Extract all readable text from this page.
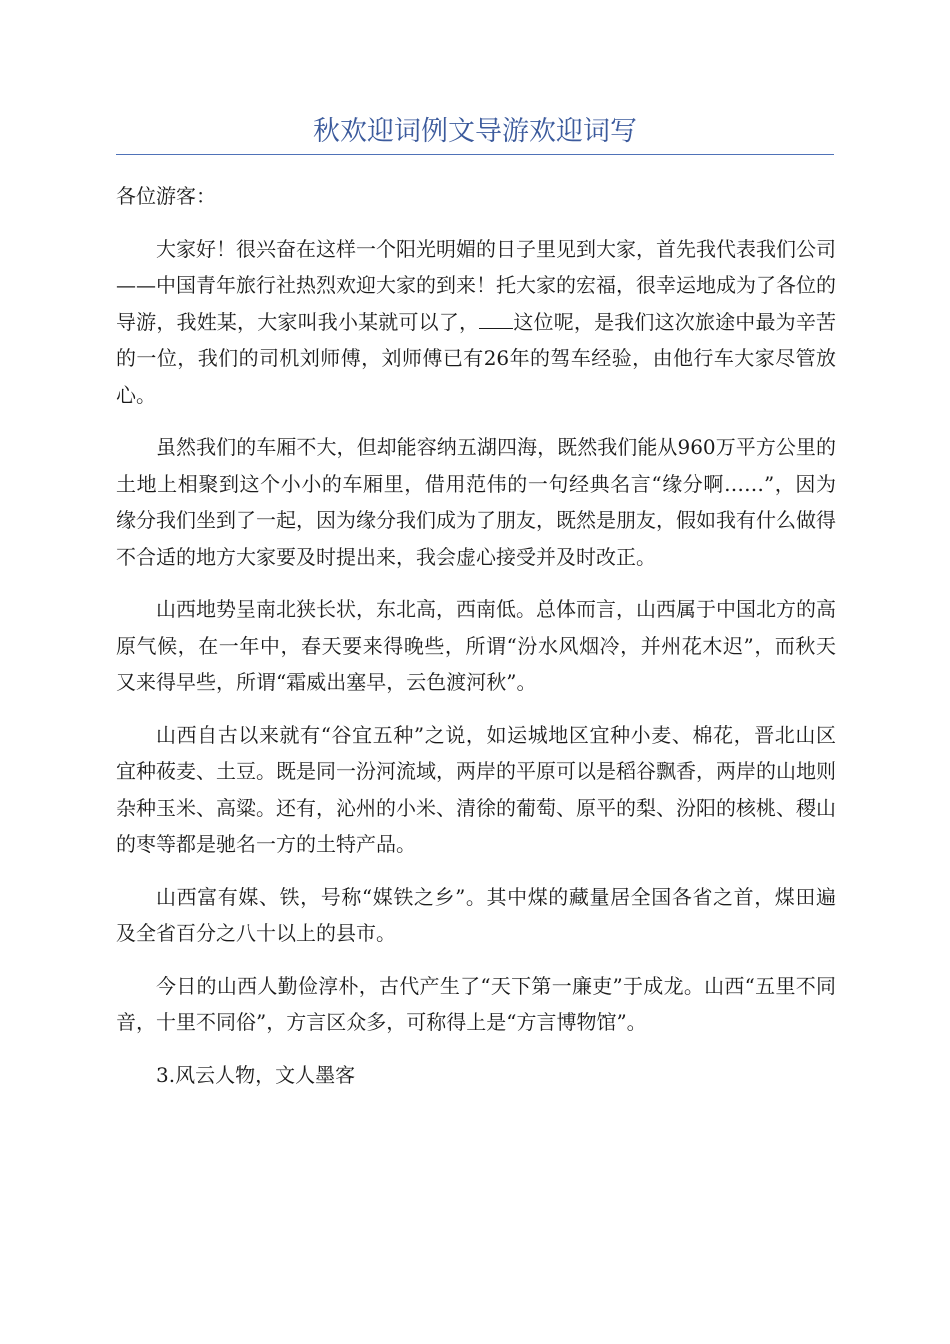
秋欢迎词例文导游欢迎词写

各位游客：

大家好！很兴奋在这样一个阳光明媚的日子里见到大家，首先我代表我们公司——中国青年旅行社热烈欢迎大家的到来！托大家的宏福，很幸运地成为了各位的导游，我姓某，大家叫我小某就可以了， 这位呢，是我们这次旅途中最为辛苦的一位，我们的司机刘师傅，刘师傅已有26年的驾车经验，由他行车大家尽管放心。

虽然我们的车厢不大，但却能容纳五湖四海，既然我们能从960万平方公里的土地上相聚到这个小小的车厢里，借用范伟的一句经典名言“缘分啊……”，因为缘分我们坐到了一起，因为缘分我们成为了朋友，既然是朋友，假如我有什么做得不合适的地方大家要及时提出来，我会虚心接受并及时改正。

山西地势呈南北狭长状，东北高，西南低。总体而言，山西属于中国北方的高原气候，在一年中，春天要来得晚些，所谓“汾水风烟冷，并州花木迟”，而秋天又来得早些，所谓“霜威出塞早，云色渡河秋”。

山西自古以来就有“谷宜五种”之说，如运城地区宜种小麦、棉花，晋北山区宜种莜麦、土豆。既是同一汾河流域，两岸的平原可以是稻谷飘香，两岸的山地则杂种玉米、高粱。还有，沁州的小米、清徐的葡萄、原平的梨、汾阳的核桃、稷山的枣等都是驰名一方的土特产品。

山西富有媒、铁，号称“媒铁之乡”。其中煤的藏量居全国各省之首，煤田遍及全省百分之八十以上的县市。

今日的山西人勤俭淳朴，古代产生了“天下第一廉吏”于成龙。山西“五里不同音，十里不同俗”，方言区众多，可称得上是“方言博物馆”。

3.风云人物，文人墨客
